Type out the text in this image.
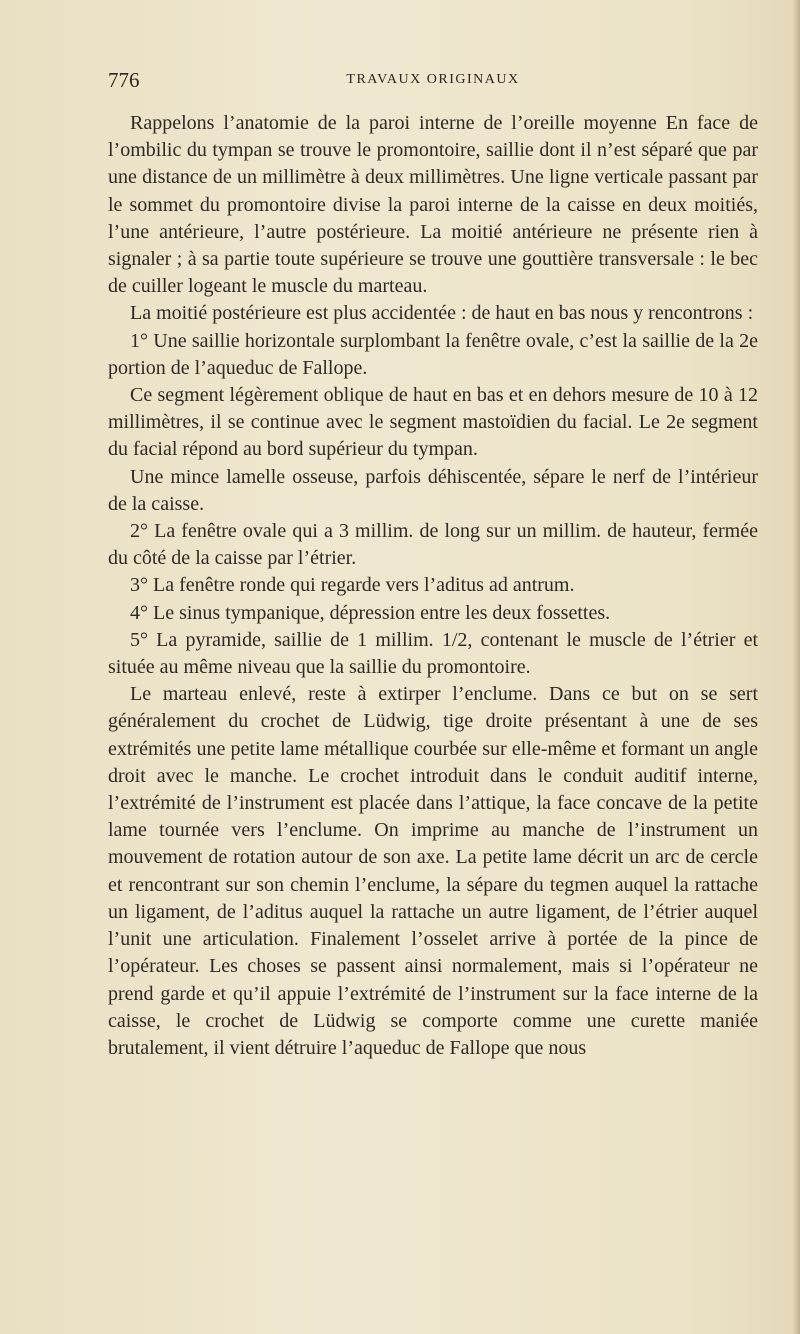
776	TRAVAUX ORIGINAUX

Rappelons l’anatomie de la paroi interne de l’oreille moyenne En face de l’ombilic du tympan se trouve le promontoire, saillie dont il n’est séparé que par une distance de un millimètre à deux millimètres. Une ligne verticale passant par le sommet du promontoire divise la paroi interne de la caisse en deux moitiés, l’une antérieure, l’autre postérieure. La moitié antérieure ne présente rien à signaler ; à sa partie toute supérieure se trouve une gouttière transversale : le bec de cuiller logeant le muscle du marteau.

La moitié postérieure est plus accidentée : de haut en bas nous y rencontrons :

1° Une saillie horizontale surplombant la fenêtre ovale, c’est la saillie de la 2e portion de l’aqueduc de Fallope.

Ce segment légèrement oblique de haut en bas et en dehors mesure de 10 à 12 millimètres, il se continue avec le segment mastoïdien du facial. Le 2e segment du facial répond au bord supérieur du tympan.

Une mince lamelle osseuse, parfois déhiscentée, sépare le nerf de l’intérieur de la caisse.

2° La fenêtre ovale qui a 3 millim. de long sur un millim. de hauteur, fermée du côté de la caisse par l’étrier.

3° La fenêtre ronde qui regarde vers l’aditus ad antrum.

4° Le sinus tympanique, dépression entre les deux fossettes.

5° La pyramide, saillie de 1 millim. 1/2, contenant le muscle de l’étrier et située au même niveau que la saillie du promontoire.

Le marteau enlevé, reste à extirper l’enclume. Dans ce but on se sert généralement du crochet de Lüdwig, tige droite présentant à une de ses extrémités une petite lame métallique courbée sur elle-même et formant un angle droit avec le manche. Le crochet introduit dans le conduit auditif interne, l’extrémité de l’instrument est placée dans l’attique, la face concave de la petite lame tournée vers l’enclume. On imprime au manche de l’instrument un mouvement de rotation autour de son axe. La petite lame décrit un arc de cercle et rencontrant sur son chemin l’enclume, la sépare du tegmen auquel la rattache un ligament, de l’aditus auquel la rattache un autre ligament, de l’étrier auquel l’unit une articulation. Finalement l’osselet arrive à portée de la pince de l’opérateur. Les choses se passent ainsi normalement, mais si l’opérateur ne prend garde et qu’il appuie l’extrémité de l’instrument sur la face interne de la caisse, le crochet de Lüdwig se comporte comme une curette maniée brutalement, il vient détruire l’aqueduc de Fallope que nous
